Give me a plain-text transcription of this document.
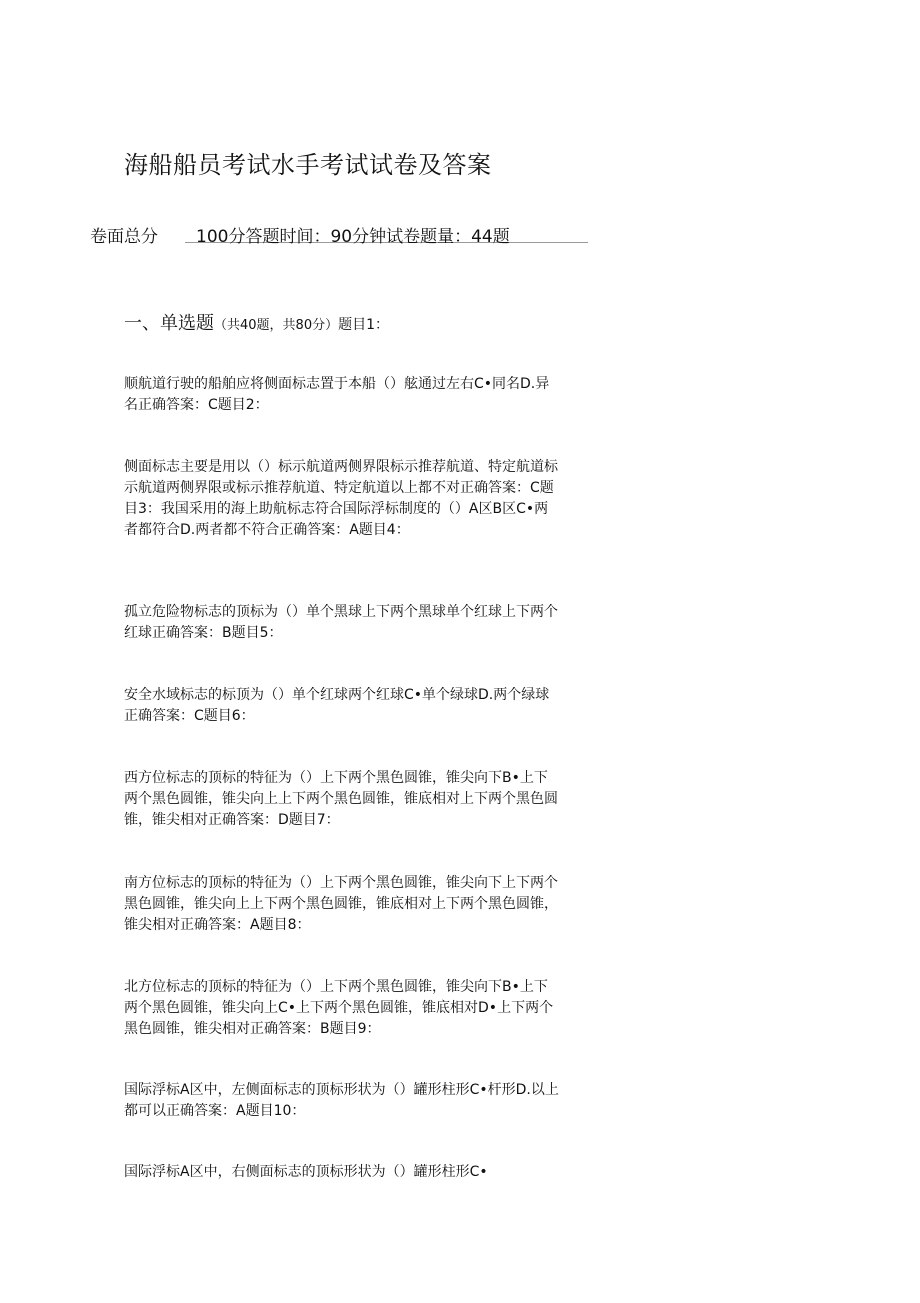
海船船员考试水手考试试卷及答案
卷面总分 100分答题时间：90分钟试卷题量：44题
一、单选题（共40题，共80分）题目1：

顺航道行驶的船舶应将侧面标志置于本船（）舷通过左右C•同名D.异名正确答案：C题目2：

侧面标志主要是用以（）标示航道两侧界限标示推荐航道、特定航道标示航道两侧界限或标示推荐航道、特定航道以上都不对正确答案：C题目3：我国采用的海上助航标志符合国际浮标制度的（）A区B区C•两者都符合D.两者都不符合正确答案：A题目4：

孤立危险物标志的顶标为（）单个黑球上下两个黑球单个红球上下两个红球正确答案：B题目5：

安全水域标志的标顶为（）单个红球两个红球C•单个绿球D.两个绿球正确答案：C题目6：

西方位标志的顶标的特征为（）上下两个黑色圆锥，锥尖向下B•上下两个黑色圆锥，锥尖向上上下两个黑色圆锥，锥底相对上下两个黑色圆锥，锥尖相对正确答案：D题目7：

南方位标志的顶标的特征为（）上下两个黑色圆锥，锥尖向下上下两个黑色圆锥，锥尖向上上下两个黑色圆锥，锥底相对上下两个黑色圆锥，锥尖相对正确答案：A题目8：

北方位标志的顶标的特征为（）上下两个黑色圆锥，锥尖向下B•上下两个黑色圆锥，锥尖向上C•上下两个黑色圆锥，锥底相对D•上下两个黑色圆锥，锥尖相对正确答案：B题目9：

国际浮标A区中，左侧面标志的顶标形状为（）罐形柱形C•杆形D.以上都可以正确答案：A题目10：

国际浮标A区中，右侧面标志的顶标形状为（）罐形柱形C•
